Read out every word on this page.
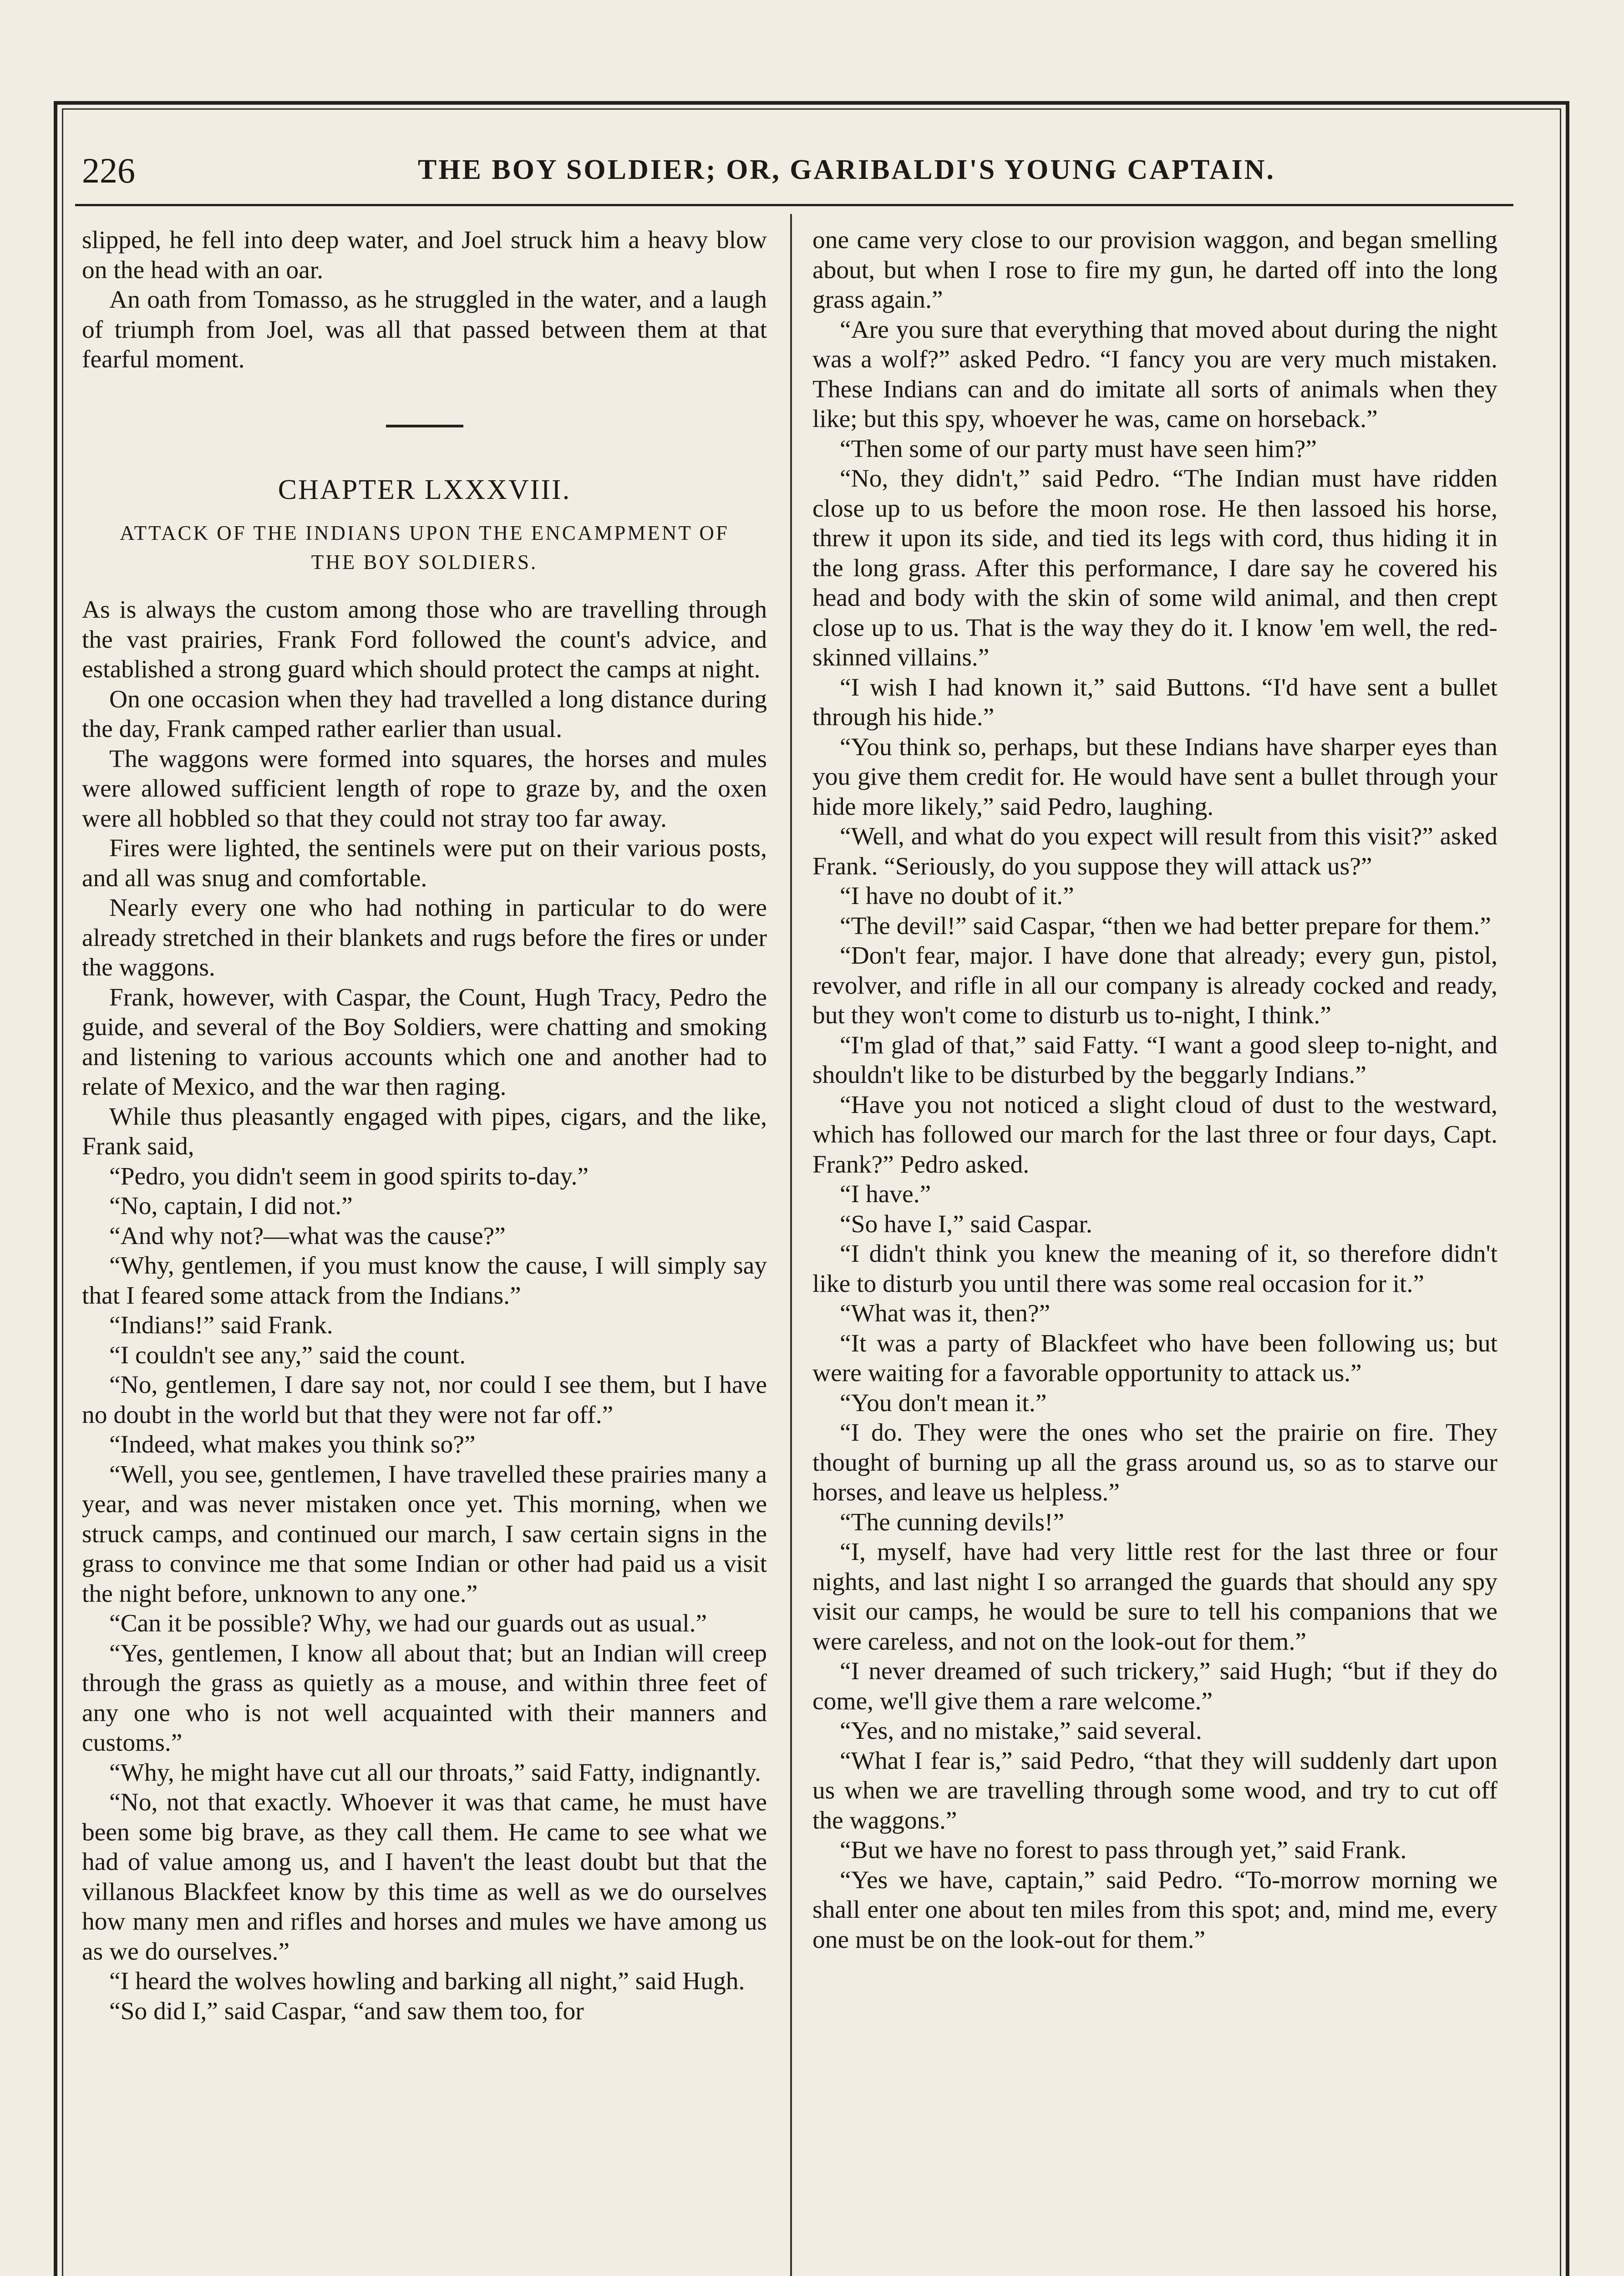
226	THE BOY SOLDIER; OR, GARIBALDI'S YOUNG CAPTAIN.

slipped, he fell into deep water, and Joel struck him a heavy blow on the head with an oar.

An oath from Tomasso, as he struggled in the water, and a laugh of triumph from Joel, was all that passed between them at that fearful moment.

CHAPTER LXXXVIII.
ATTACK OF THE INDIANS UPON THE ENCAMPMENT OF THE BOY SOLDIERS.

As is always the custom among those who are travelling through the vast prairies, Frank Ford followed the count's advice, and established a strong guard which should protect the camps at night.

On one occasion when they had travelled a long distance during the day, Frank camped rather earlier than usual.

The waggons were formed into squares, the horses and mules were allowed sufficient length of rope to graze by, and the oxen were all hobbled so that they could not stray too far away.

Fires were lighted, the sentinels were put on their various posts, and all was snug and comfortable.

Nearly every one who had nothing in particular to do were already stretched in their blankets and rugs before the fires or under the waggons.

Frank, however, with Caspar, the Count, Hugh Tracy, Pedro the guide, and several of the Boy Soldiers, were chatting and smoking and listening to various accounts which one and another had to relate of Mexico, and the war then raging.

While thus pleasantly engaged with pipes, cigars, and the like, Frank said,

“Pedro, you didn't seem in good spirits to-day.”

“No, captain, I did not.”

“And why not?—what was the cause?”

“Why, gentlemen, if you must know the cause, I will simply say that I feared some attack from the Indians.”

“Indians!” said Frank.

“I couldn't see any,” said the count.

“No, gentlemen, I dare say not, nor could I see them, but I have no doubt in the world but that they were not far off.”

“Indeed, what makes you think so?”

“Well, you see, gentlemen, I have travelled these prairies many a year, and was never mistaken once yet. This morning, when we struck camps, and continued our march, I saw certain signs in the grass to convince me that some Indian or other had paid us a visit the night before, unknown to any one.”

“Can it be possible? Why, we had our guards out as usual.”

“Yes, gentlemen, I know all about that; but an Indian will creep through the grass as quietly as a mouse, and within three feet of any one who is not well acquainted with their manners and customs.”

“Why, he might have cut all our throats,” said Fatty, indignantly.

“No, not that exactly. Whoever it was that came, he must have been some big brave, as they call them. He came to see what we had of value among us, and I haven't the least doubt but that the villanous Blackfeet know by this time as well as we do ourselves how many men and rifles and horses and mules we have among us as we do ourselves.”

“I heard the wolves howling and barking all night,” said Hugh.

“So did I,” said Caspar, “and saw them too, for

one came very close to our provision waggon, and began smelling about, but when I rose to fire my gun, he darted off into the long grass again.”

“Are you sure that everything that moved about during the night was a wolf?” asked Pedro. “I fancy you are very much mistaken. These Indians can and do imitate all sorts of animals when they like; but this spy, whoever he was, came on horseback.”

“Then some of our party must have seen him?”

“No, they didn't,” said Pedro. “The Indian must have ridden close up to us before the moon rose. He then lassoed his horse, threw it upon its side, and tied its legs with cord, thus hiding it in the long grass. After this performance, I dare say he covered his head and body with the skin of some wild animal, and then crept close up to us. That is the way they do it. I know 'em well, the red-skinned villains.”

“I wish I had known it,” said Buttons. “I'd have sent a bullet through his hide.”

“You think so, perhaps, but these Indians have sharper eyes than you give them credit for. He would have sent a bullet through your hide more likely,” said Pedro, laughing.

“Well, and what do you expect will result from this visit?” asked Frank. “Seriously, do you suppose they will attack us?”

“I have no doubt of it.”

“The devil!” said Caspar, “then we had better prepare for them.”

“Don't fear, major. I have done that already; every gun, pistol, revolver, and rifle in all our company is already cocked and ready, but they won't come to disturb us to-night, I think.”

“I'm glad of that,” said Fatty. “I want a good sleep to-night, and shouldn't like to be disturbed by the beggarly Indians.”

“Have you not noticed a slight cloud of dust to the westward, which has followed our march for the last three or four days, Capt. Frank?” Pedro asked.

“I have.”

“So have I,” said Caspar.

“I didn't think you knew the meaning of it, so therefore didn't like to disturb you until there was some real occasion for it.”

“What was it, then?”

“It was a party of Blackfeet who have been following us; but were waiting for a favorable opportunity to attack us.”

“You don't mean it.”

“I do. They were the ones who set the prairie on fire. They thought of burning up all the grass around us, so as to starve our horses, and leave us helpless.”

“The cunning devils!”

“I, myself, have had very little rest for the last three or four nights, and last night I so arranged the guards that should any spy visit our camps, he would be sure to tell his companions that we were careless, and not on the look-out for them.”

“I never dreamed of such trickery,” said Hugh; “but if they do come, we'll give them a rare welcome.”

“Yes, and no mistake,” said several.

“What I fear is,” said Pedro, “that they will suddenly dart upon us when we are travelling through some wood, and try to cut off the waggons.”

“But we have no forest to pass through yet,” said Frank.

“Yes we have, captain,” said Pedro. “To-morrow morning we shall enter one about ten miles from this spot; and, mind me, every one must be on the look-out for them.”
